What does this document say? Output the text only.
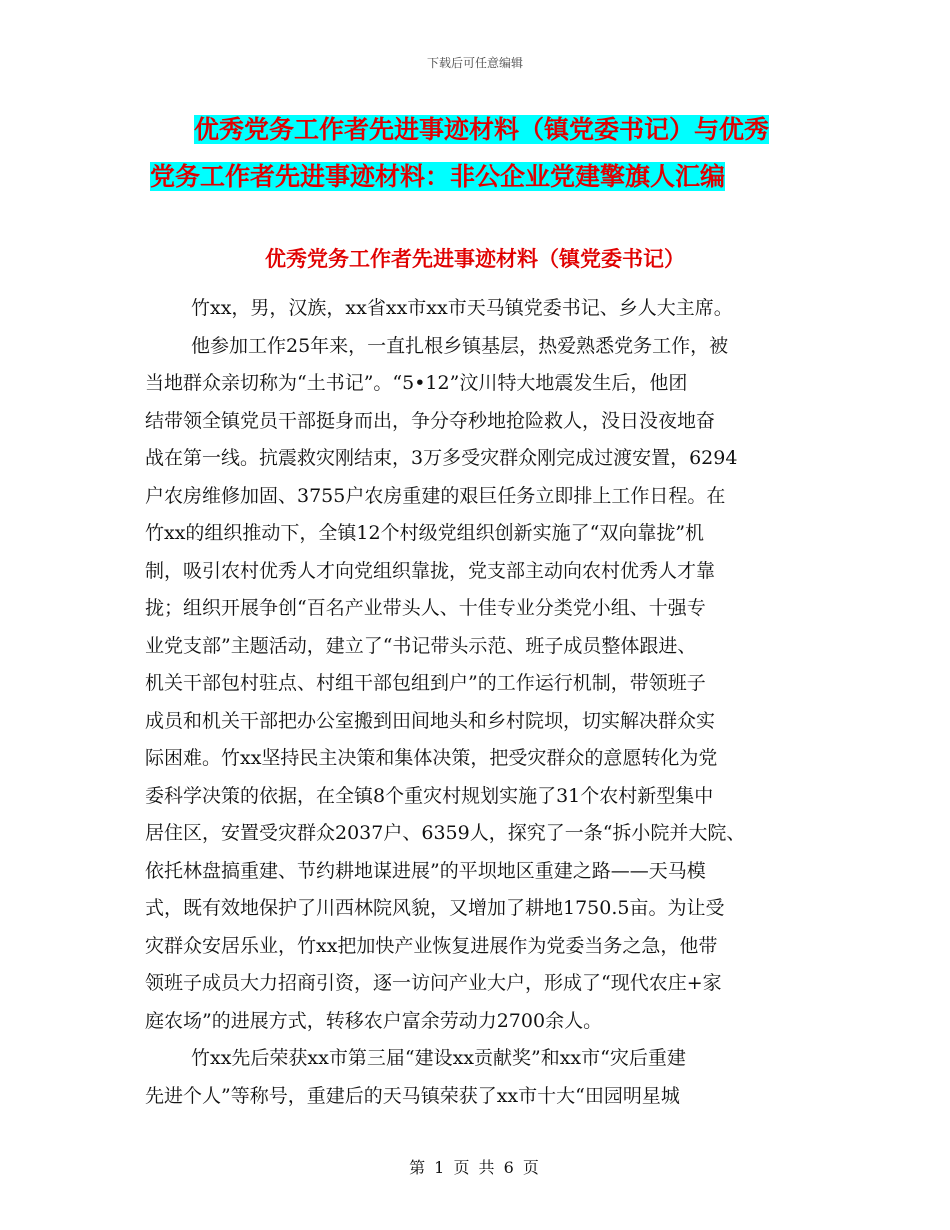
下载后可任意编辑
优秀党务工作者先进事迹材料（镇党委书记）与优秀
党务工作者先进事迹材料：非公企业党建擎旗人汇编
优秀党务工作者先进事迹材料（镇党委书记）

竹xx，男，汉族，xx省xx市xx市天马镇党委书记、乡人大主席。

他参加工作25年来，一直扎根乡镇基层，热爱熟悉党务工作，被

当地群众亲切称为“土书记”。“5•12”汶川特大地震发生后，他团

结带领全镇党员干部挺身而出，争分夺秒地抢险救人，没日没夜地奋

战在第一线。抗震救灾刚结束，3万多受灾群众刚完成过渡安置，6294

户农房维修加固、3755户农房重建的艰巨任务立即排上工作日程。在

竹xx的组织推动下，全镇12个村级党组织创新实施了“双向靠拢”机

制，吸引农村优秀人才向党组织靠拢，党支部主动向农村优秀人才靠

拢；组织开展争创“百名产业带头人、十佳专业分类党小组、十强专

业党支部”主题活动，建立了“书记带头示范、班子成员整体跟进、

机关干部包村驻点、村组干部包组到户”的工作运行机制，带领班子

成员和机关干部把办公室搬到田间地头和乡村院坝，切实解决群众实

际困难。竹xx坚持民主决策和集体决策，把受灾群众的意愿转化为党

委科学决策的依据，在全镇8个重灾村规划实施了31个农村新型集中

居住区，安置受灾群众2037户、6359人，探究了一条“拆小院并大院、

依托林盘搞重建、节约耕地谋进展”的平坝地区重建之路——天马模

式，既有效地保护了川西林院风貌，又增加了耕地1750.5亩。为让受

灾群众安居乐业，竹xx把加快产业恢复进展作为党委当务之急，他带

领班子成员大力招商引资，逐一访问产业大户，形成了“现代农庄+家

庭农场”的进展方式，转移农户富余劳动力2700余人。

竹xx先后荣获xx市第三届“建设xx贡献奖”和xx市“灾后重建

先进个人”等称号，重建后的天马镇荣获了xx市十大“田园明星城

第 1 页 共 6 页
